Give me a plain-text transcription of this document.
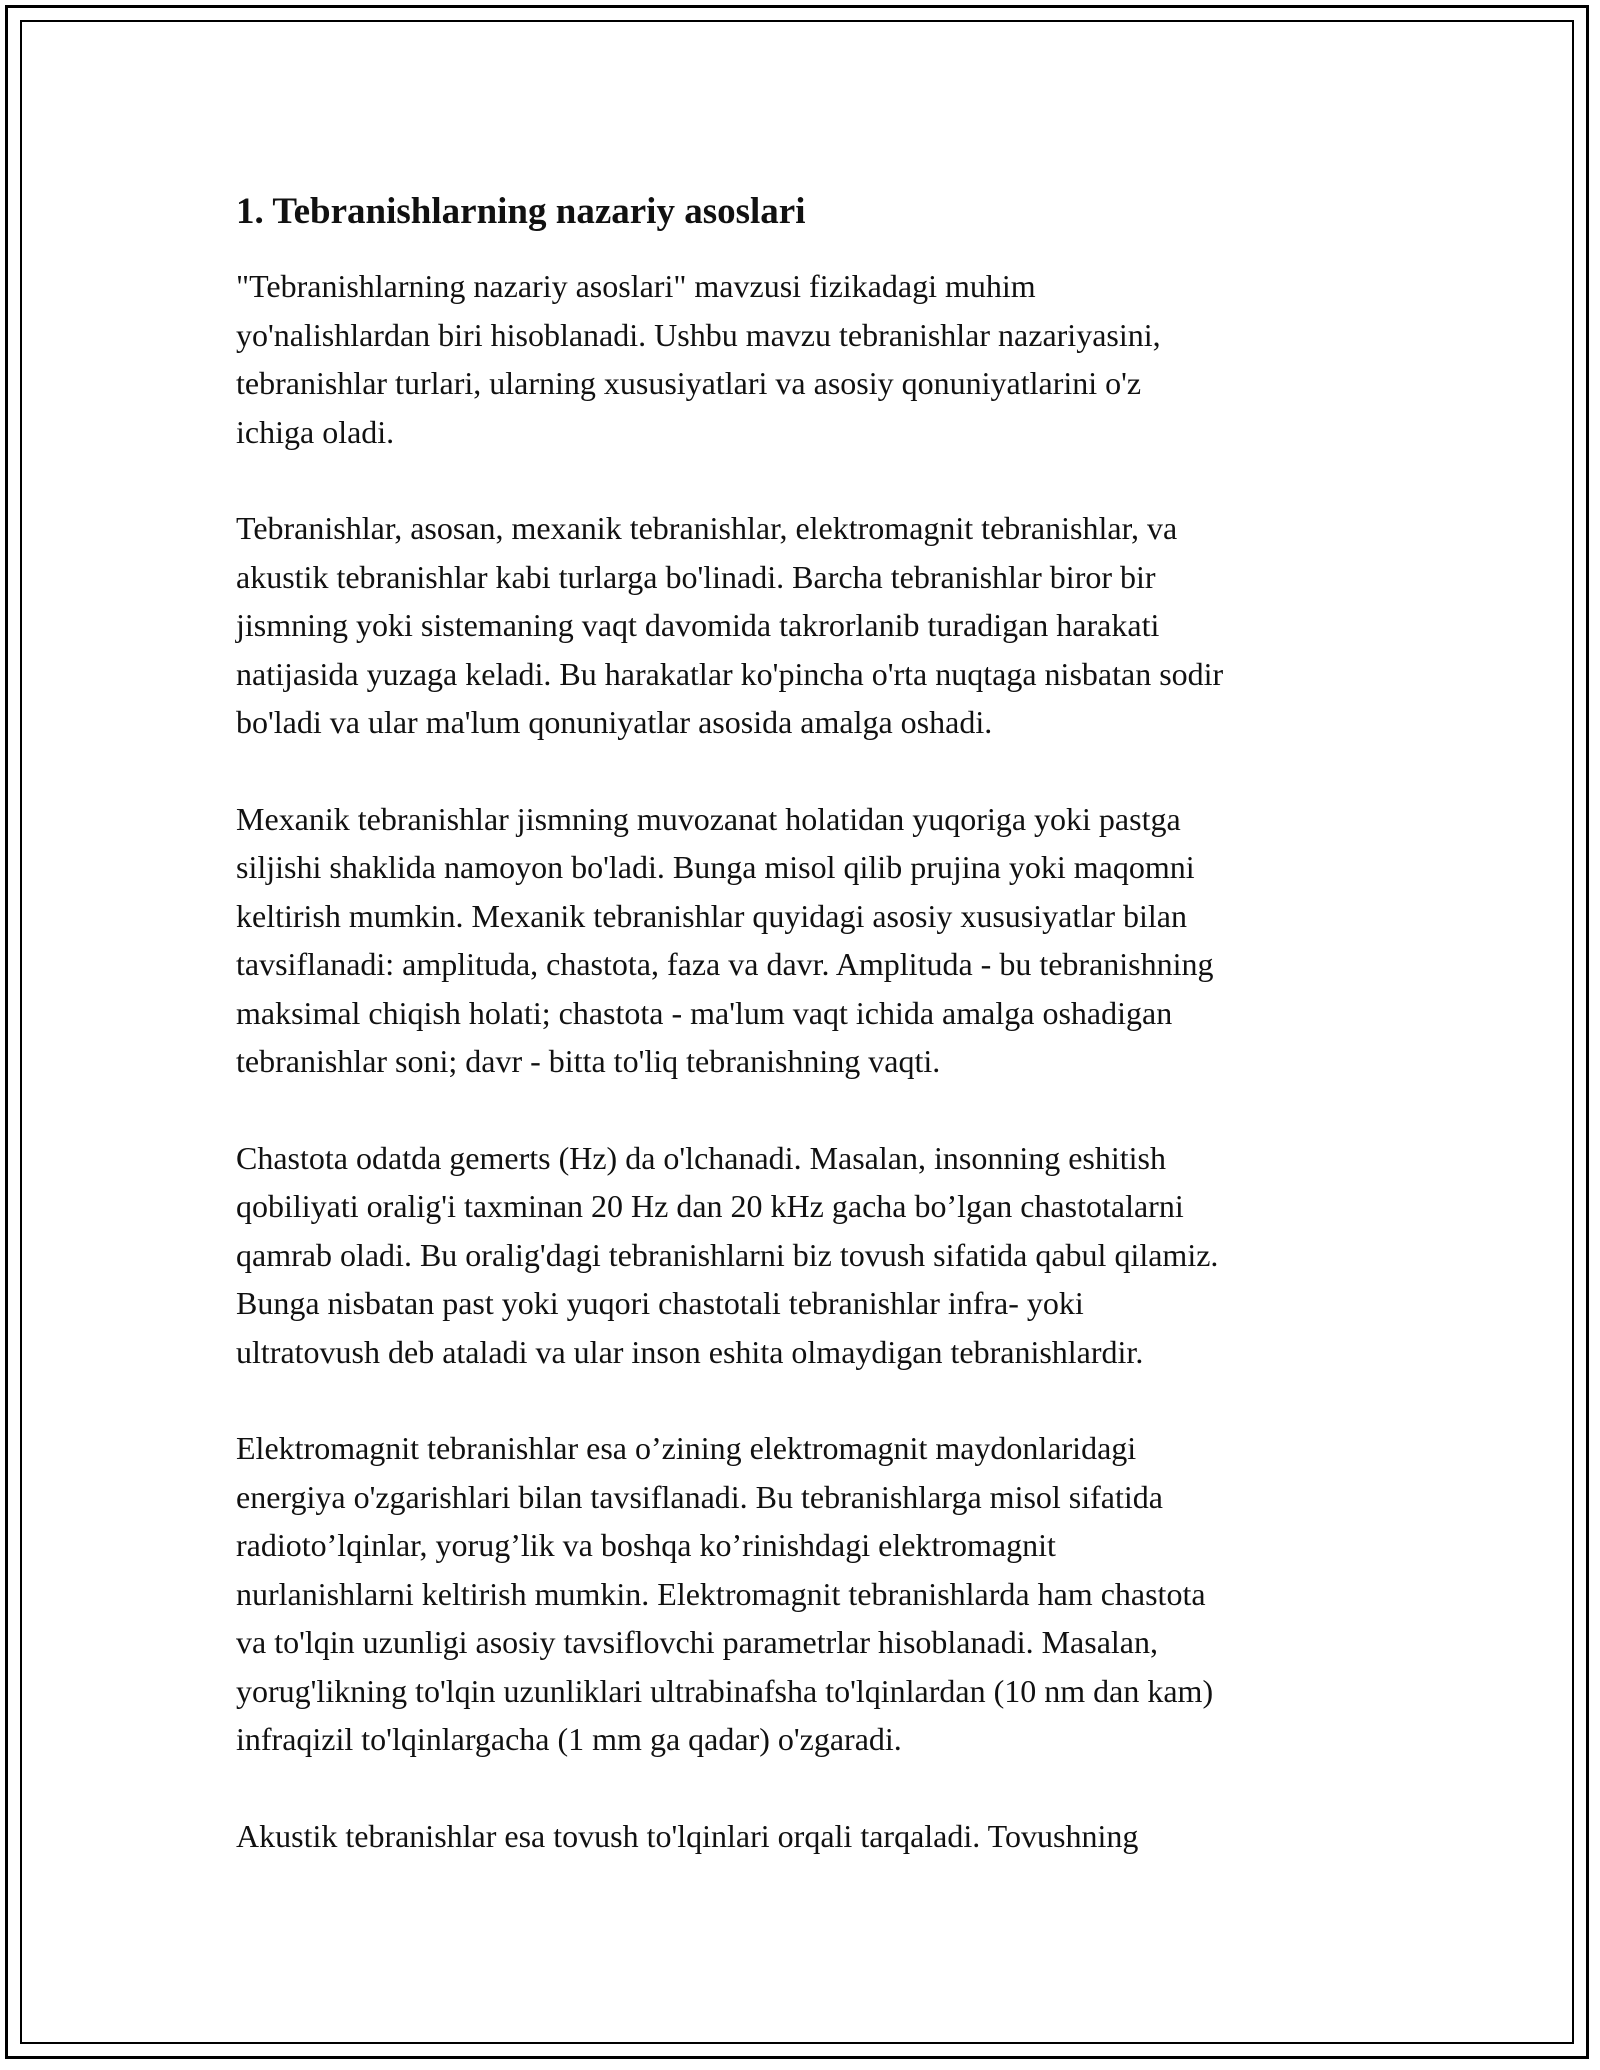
1. Tebranishlarning nazariy asoslari

"Tebranishlarning nazariy asoslari" mavzusi fizikadagi muhim
yo'nalishlardan biri hisoblanadi. Ushbu mavzu tebranishlar nazariyasini,
tebranishlar turlari, ularning xususiyatlari va asosiy qonuniyatlarini o'z
ichiga oladi.

Tebranishlar, asosan, mexanik tebranishlar, elektromagnit tebranishlar, va
akustik tebranishlar kabi turlarga bo'linadi. Barcha tebranishlar biror bir
jismning yoki sistemaning vaqt davomida takrorlanib turadigan harakati
natijasida yuzaga keladi. Bu harakatlar ko'pincha o'rta nuqtaga nisbatan sodir
bo'ladi va ular ma'lum qonuniyatlar asosida amalga oshadi.

Mexanik tebranishlar jismning muvozanat holatidan yuqoriga yoki pastga
siljishi shaklida namoyon bo'ladi. Bunga misol qilib prujina yoki maqomni
keltirish mumkin. Mexanik tebranishlar quyidagi asosiy xususiyatlar bilan
tavsiflanadi: amplituda, chastota, faza va davr. Amplituda - bu tebranishning
maksimal chiqish holati; chastota - ma'lum vaqt ichida amalga oshadigan
tebranishlar soni; davr - bitta to'liq tebranishning vaqti.

Chastota odatda gemerts (Hz) da o'lchanadi. Masalan, insonning eshitish
qobiliyati oralig'i taxminan 20 Hz dan 20 kHz gacha bo’lgan chastotalarni
qamrab oladi. Bu oralig'dagi tebranishlarni biz tovush sifatida qabul qilamiz.
Bunga nisbatan past yoki yuqori chastotali tebranishlar infra- yoki
ultratovush deb ataladi va ular inson eshita olmaydigan tebranishlardir.

Elektromagnit tebranishlar esa o’zining elektromagnit maydonlaridagi
energiya o'zgarishlari bilan tavsiflanadi. Bu tebranishlarga misol sifatida
radioto’lqinlar, yorug’lik va boshqa ko’rinishdagi elektromagnit
nurlanishlarni keltirish mumkin. Elektromagnit tebranishlarda ham chastota
va to'lqin uzunligi asosiy tavsiflovchi parametrlar hisoblanadi. Masalan,
yorug'likning to'lqin uzunliklari ultrabinafsha to'lqinlardan (10 nm dan kam)
infraqizil to'lqinlargacha (1 mm ga qadar) o'zgaradi.

Akustik tebranishlar esa tovush to'lqinlari orqali tarqaladi. Tovushning
